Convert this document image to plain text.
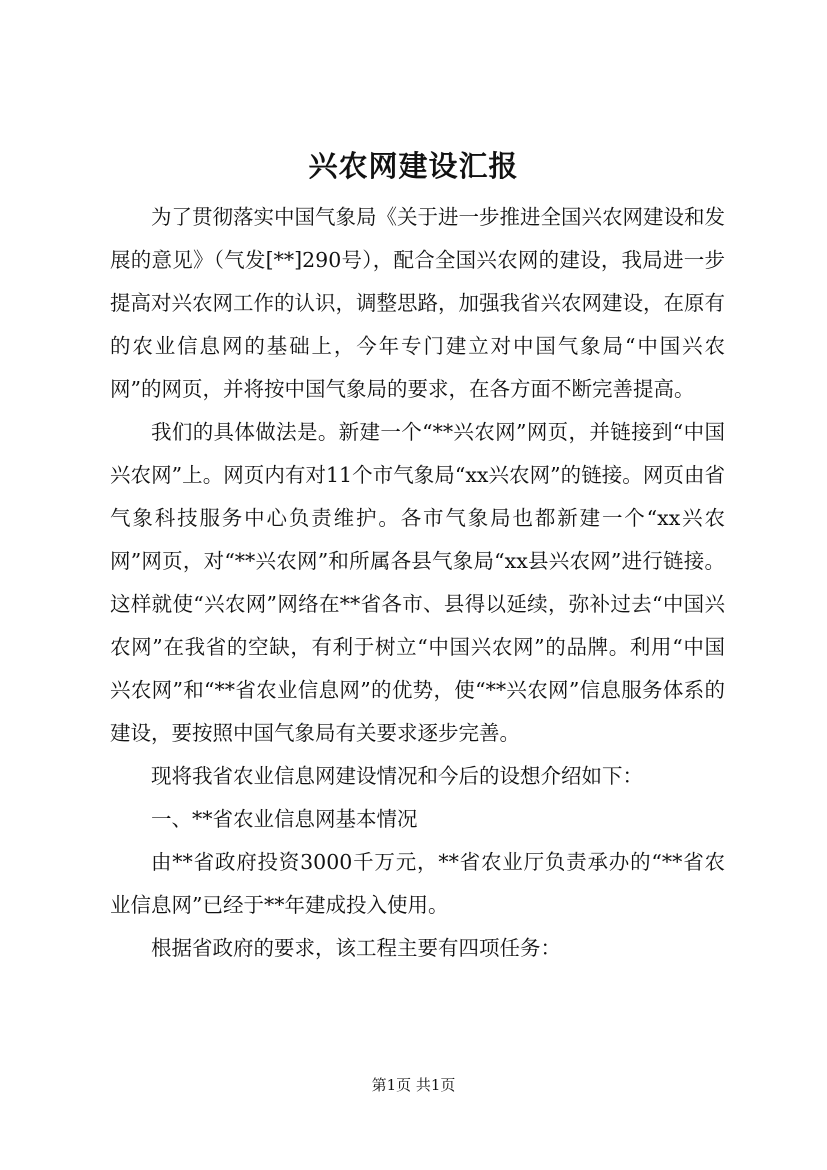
兴农网建设汇报

为了贯彻落实中国气象局《关于进一步推进全国兴农网建设和发展的意见》（气发[**]290号），配合全国兴农网的建设，我局进一步提高对兴农网工作的认识，调整思路，加强我省兴农网建设，在原有的农业信息网的基础上，今年专门建立对中国气象局“中国兴农网”的网页，并将按中国气象局的要求，在各方面不断完善提高。

我们的具体做法是。新建一个“**兴农网”网页，并链接到“中国兴农网”上。网页内有对11个市气象局“xx兴农网”的链接。网页由省气象科技服务中心负责维护。各市气象局也都新建一个“xx兴农网”网页，对“**兴农网”和所属各县气象局“xx县兴农网”进行链接。这样就使“兴农网”网络在**省各市、县得以延续，弥补过去“中国兴农网”在我省的空缺，有利于树立“中国兴农网”的品牌。利用“中国兴农网”和“**省农业信息网”的优势，使“**兴农网”信息服务体系的建设，要按照中国气象局有关要求逐步完善。

现将我省农业信息网建设情况和今后的设想介绍如下：

一、**省农业信息网基本情况

由**省政府投资3000千万元，**省农业厅负责承办的“**省农业信息网”已经于**年建成投入使用。

根据省政府的要求，该工程主要有四项任务：

第1页 共1页
